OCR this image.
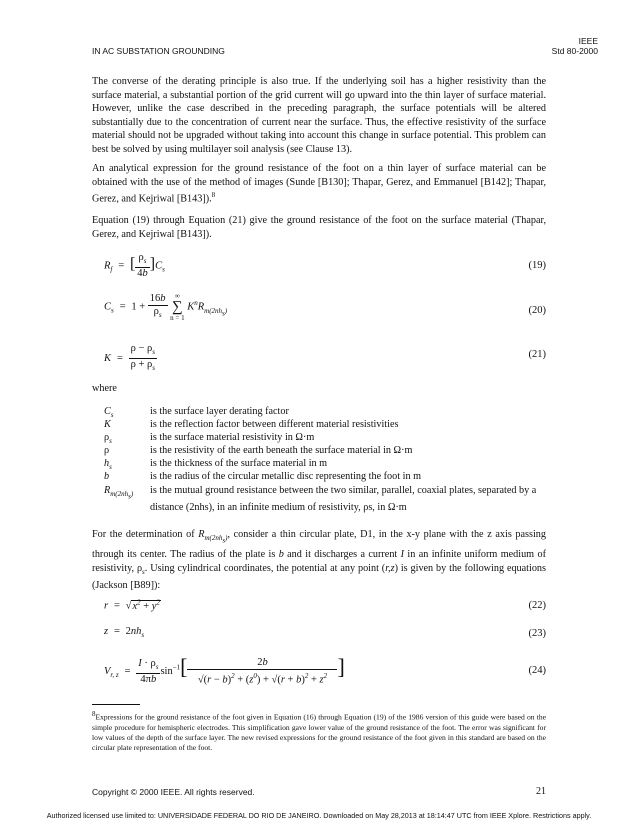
IEEE
IN AC SUBSTATION GROUNDING	Std 80-2000
The converse of the derating principle is also true. If the underlying soil has a higher resistivity than the surface material, a substantial portion of the grid current will go upward into the thin layer of surface material. However, unlike the case described in the preceding paragraph, the surface potentials will be altered substantially due to the concentration of current near the surface. Thus, the effective resistivity of the surface material should not be upgraded without taking into account this change in surface potential. This problem can best be solved by using multilayer soil analysis (see Clause 13).
An analytical expression for the ground resistance of the foot on a thin layer of surface material can be obtained with the use of the method of images (Sunde [B130]; Thapar, Gerez, and Emmanuel [B142]; Thapar, Gerez, and Kejriwal [B143]).$^8$
Equation (19) through Equation (21) give the ground resistance of the foot on the surface material (Thapar, Gerez, and Kejriwal [B143]).
$R_f$  =  [ $\frac{\rho_s}{4b} ]C_s$	(19)
$C_s = 1 + \frac{16b}{\rho_s}$
	∞
∑
n = 1
$K^nR_{m(2nh_s)}$	(20)
$K = \frac{\rho - \rho_s}{\rho + \rho_s}$	(21)
where
$C_s$	is the surface layer derating factor
K	is the reflection factor between different material resistivities
$\rho_s$	is the surface material resistivity in Ω·m
ρ	is the resistivity of the earth beneath the surface material in Ω·m
$h_s$	is the thickness of the surface material in m
b	is the radius of the circular metallic disc representing the foot in m
$R_{m(2nh_s)}$ is the mutual ground resistance between the two similar, parallel, coaxial plates, separated by a
distance (2nhs), in an infinite medium of resistivity, ρs, in Ω·m
For the determination of $R_{m(2nh_s)}$, consider a thin circular plate, D1, in the x-y plane with the z axis passing through its center. The radius of the plate is b and it discharges a current I in an infinite uniform medium of resistivity, $\rho_s$. Using cylindrical coordinates, the potential at any point (r,z) is given by the following equations (Jackson [B89]):
$r = √x^2 + y^2$	(22)
$z = 2nh_s$	(23)
$V_{r, z} = \frac{I \cdot \rho_s}{4\pi b} \sin^{-1}[ \frac{2b}{√(r - b)^2 + (z^0) + √(r + b)^2 + z^2}$ ]	(24)
$^8$Expressions for the ground resistance of the foot given in Equation (16) through Equation (19) of the 1986 version of this guide were based on the simple procedure for hemispheric electrodes. This simplification gave lower value of the ground resistance of the foot. The error was significant for low values of the depth of the surface layer. The new revised expressions for the ground resistance of the foot given in this standard are based on the circular plate representation of the foot.
Copyright © 2000 IEEE. All rights reserved.	21
Authorized licensed use limited to: UNIVERSIDADE FEDERAL DO RIO DE JANEIRO. Downloaded on May 28,2013 at 18:14:47 UTC from IEEE Xplore. Restrictions apply.
